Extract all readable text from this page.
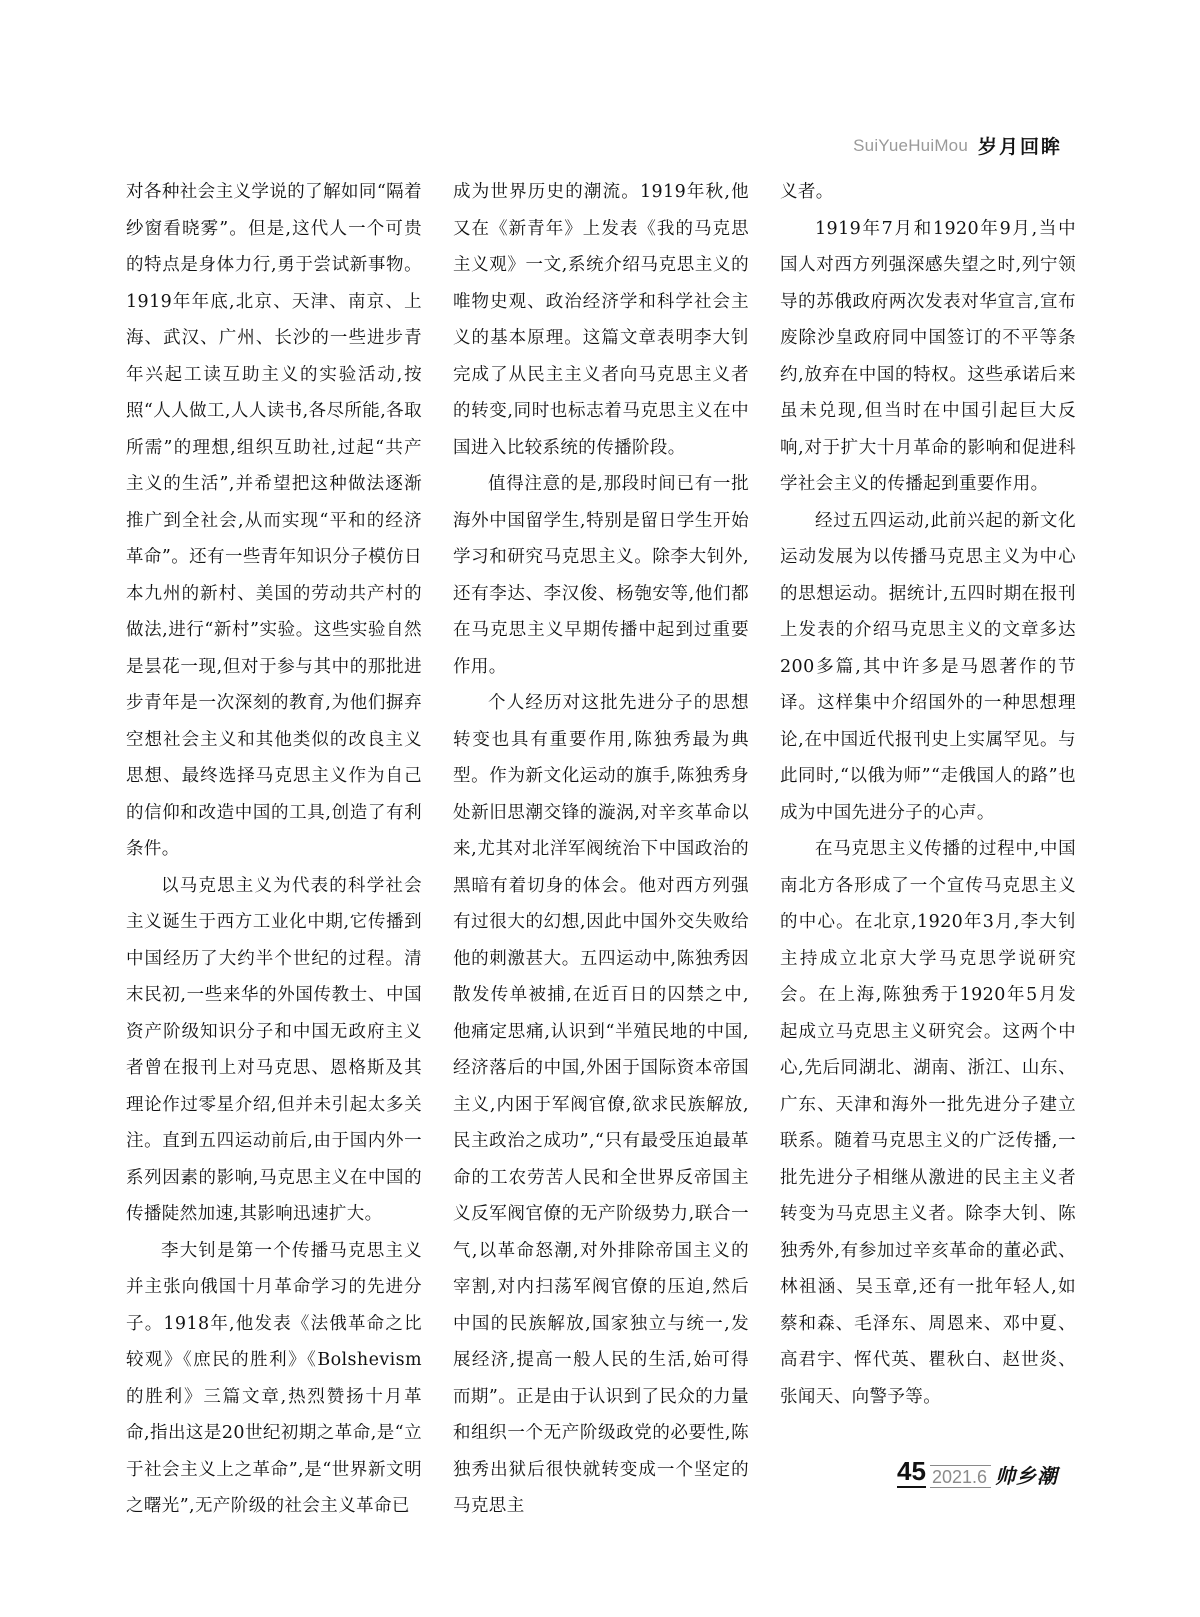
SuiYueHuiMou 岁月回眸

对各种社会主义学说的了解如同“隔着纱窗看晓雾”。但是,这代人一个可贵的特点是身体力行,勇于尝试新事物。1919年年底,北京、天津、南京、上海、武汉、广州、长沙的一些进步青年兴起工读互助主义的实验活动,按照“人人做工,人人读书,各尽所能,各取所需”的理想,组织互助社,过起“共产主义的生活”,并希望把这种做法逐渐推广到全社会,从而实现“平和的经济革命”。还有一些青年知识分子模仿日本九州的新村、美国的劳动共产村的做法,进行“新村”实验。这些实验自然是昙花一现,但对于参与其中的那批进步青年是一次深刻的教育,为他们摒弃空想社会主义和其他类似的改良主义思想、最终选择马克思主义作为自己的信仰和改造中国的工具,创造了有利条件。

以马克思主义为代表的科学社会主义诞生于西方工业化中期,它传播到中国经历了大约半个世纪的过程。清末民初,一些来华的外国传教士、中国资产阶级知识分子和中国无政府主义者曾在报刊上对马克思、恩格斯及其理论作过零星介绍,但并未引起太多关注。直到五四运动前后,由于国内外一系列因素的影响,马克思主义在中国的传播陡然加速,其影响迅速扩大。

李大钊是第一个传播马克思主义并主张向俄国十月革命学习的先进分子。1918年,他发表《法俄革命之比较观》《庶民的胜利》《Bolshevism的胜利》三篇文章,热烈赞扬十月革命,指出这是20世纪初期之革命,是“立于社会主义上之革命”,是“世界新文明之曙光”,无产阶级的社会主义革命已

成为世界历史的潮流。1919年秋,他又在《新青年》上发表《我的马克思主义观》一文,系统介绍马克思主义的唯物史观、政治经济学和科学社会主义的基本原理。这篇文章表明李大钊完成了从民主主义者向马克思主义者的转变,同时也标志着马克思主义在中国进入比较系统的传播阶段。

值得注意的是,那段时间已有一批海外中国留学生,特别是留日学生开始学习和研究马克思主义。除李大钊外,还有李达、李汉俊、杨匏安等,他们都在马克思主义早期传播中起到过重要作用。

个人经历对这批先进分子的思想转变也具有重要作用,陈独秀最为典型。作为新文化运动的旗手,陈独秀身处新旧思潮交锋的漩涡,对辛亥革命以来,尤其对北洋军阀统治下中国政治的黑暗有着切身的体会。他对西方列强有过很大的幻想,因此中国外交失败给他的刺激甚大。五四运动中,陈独秀因散发传单被捕,在近百日的囚禁之中,他痛定思痛,认识到“半殖民地的中国,经济落后的中国,外困于国际资本帝国主义,内困于军阀官僚,欲求民族解放,民主政治之成功”,“只有最受压迫最革命的工农劳苦人民和全世界反帝国主义反军阀官僚的无产阶级势力,联合一气,以革命怒潮,对外排除帝国主义的宰割,对内扫荡军阀官僚的压迫,然后中国的民族解放,国家独立与统一,发展经济,提高一般人民的生活,始可得而期”。正是由于认识到了民众的力量和组织一个无产阶级政党的必要性,陈独秀出狱后很快就转变成一个坚定的马克思主

义者。

1919年7月和1920年9月,当中国人对西方列强深感失望之时,列宁领导的苏俄政府两次发表对华宣言,宣布废除沙皇政府同中国签订的不平等条约,放弃在中国的特权。这些承诺后来虽未兑现,但当时在中国引起巨大反响,对于扩大十月革命的影响和促进科学社会主义的传播起到重要作用。

经过五四运动,此前兴起的新文化运动发展为以传播马克思主义为中心的思想运动。据统计,五四时期在报刊上发表的介绍马克思主义的文章多达200多篇,其中许多是马恩著作的节译。这样集中介绍国外的一种思想理论,在中国近代报刊史上实属罕见。与此同时,“以俄为师”“走俄国人的路”也成为中国先进分子的心声。

在马克思主义传播的过程中,中国南北方各形成了一个宣传马克思主义的中心。在北京,1920年3月,李大钊主持成立北京大学马克思学说研究会。在上海,陈独秀于1920年5月发起成立马克思主义研究会。这两个中心,先后同湖北、湖南、浙江、山东、广东、天津和海外一批先进分子建立联系。随着马克思主义的广泛传播,一批先进分子相继从激进的民主主义者转变为马克思主义者。除李大钊、陈独秀外,有参加过辛亥革命的董必武、林祖涵、吴玉章,还有一批年轻人,如蔡和森、毛泽东、周恩来、邓中夏、高君宇、恽代英、瞿秋白、赵世炎、张闻天、向警予等。

45 2021.6 帅乡潮
